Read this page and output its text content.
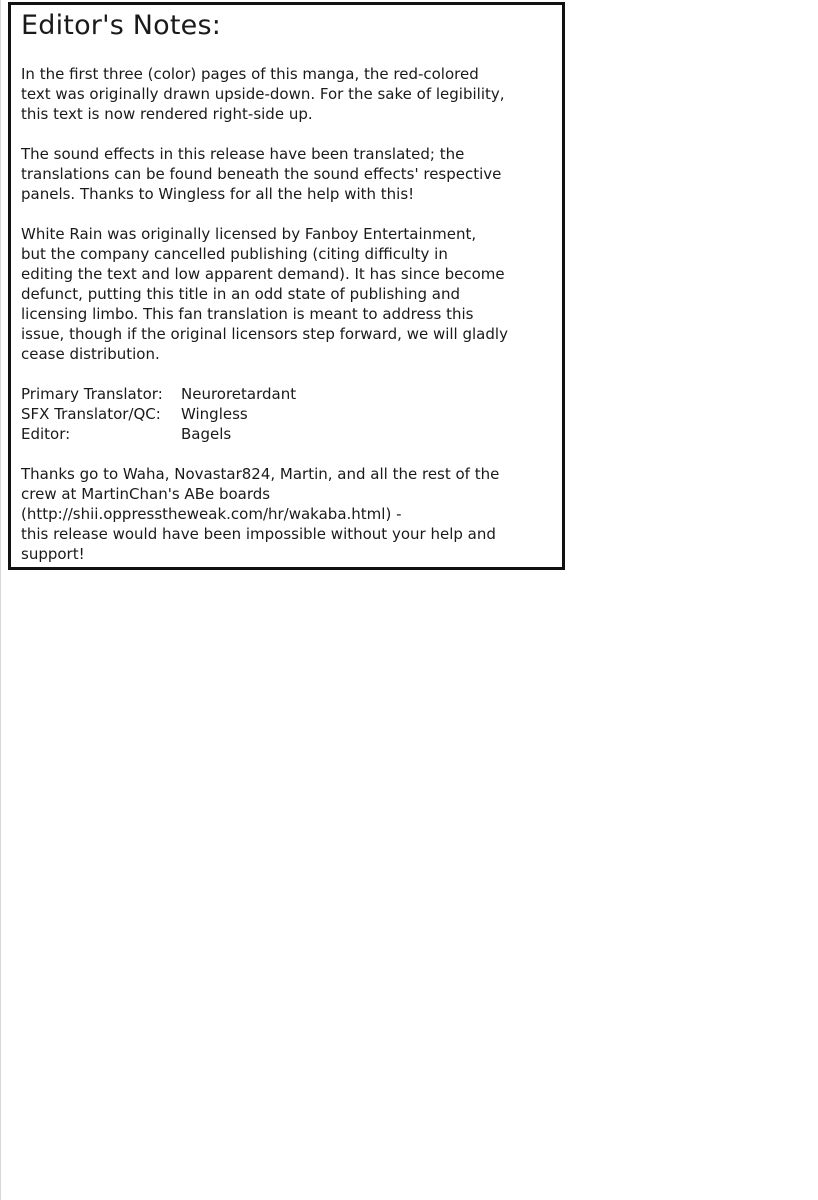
Editor's Notes:

In the first three (color) pages of this manga, the red-colored
text was originally drawn upside-down. For the sake of legibility,
this text is now rendered right-side up.

The sound effects in this release have been translated; the
translations can be found beneath the sound effects' respective
panels. Thanks to Wingless for all the help with this!

White Rain was originally licensed by Fanboy Entertainment,
but the company cancelled publishing (citing difficulty in
editing the text and low apparent demand). It has since become
defunct, putting this title in an odd state of publishing and
licensing limbo. This fan translation is meant to address this
issue, though if the original licensors step forward, we will gladly
cease distribution.

Primary Translator:	Neuroretardant
SFX Translator/QC:	Wingless
Editor:	Bagels

Thanks go to Waha, Novastar824, Martin, and all the rest of the
crew at MartinChan's ABe boards
(http://shii.oppresstheweak.com/hr/wakaba.html) -
this release would have been impossible without your help and
support!
